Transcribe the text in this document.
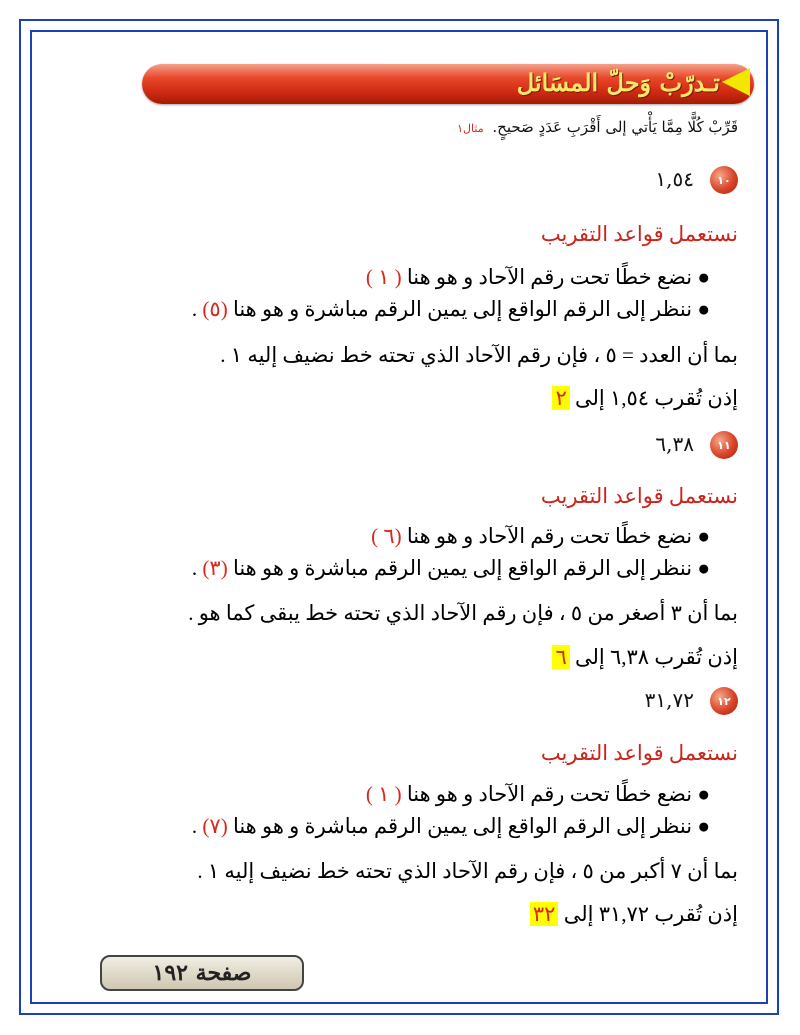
تـدرّبْ وَحلّ المسَائل
قَرِّبْ كُلًّا مِمَّا يَأْتي إلى أَقْرَبِ عَدَدٍ صَحيحٍ. مثال١
١٠
١,٥٤
نستعمل قواعد التقريب
● نضع خطًا تحت رقم الآحاد و هو هنا ( ١ )
● ننظر إلى الرقم الواقع إلى يمين الرقم مباشرة و هو هنا (٥) .
بما أن العدد = ٥ ، فإن رقم الآحاد الذي تحته خط نضيف إليه ١ .
إذن تُقرب ١,٥٤ إلى ٢
١١
٦,٣٨
نستعمل قواعد التقريب
● نضع خطًا تحت رقم الآحاد و هو هنا (٦ )
● ننظر إلى الرقم الواقع إلى يمين الرقم مباشرة و هو هنا (٣) .
بما أن ٣ أصغر من ٥ ، فإن رقم الآحاد الذي تحته خط يبقى كما هو .
إذن تُقرب ٦,٣٨ إلى ٦
١٢
٣١,٧٢
نستعمل قواعد التقريب
● نضع خطًا تحت رقم الآحاد و هو هنا ( ١ )
● ننظر إلى الرقم الواقع إلى يمين الرقم مباشرة و هو هنا (٧) .
بما أن ٧ أكبر من ٥ ، فإن رقم الآحاد الذي تحته خط نضيف إليه ١ .
إذن تُقرب ٣١,٧٢ إلى ٣٢
صفحة ١٩٢
